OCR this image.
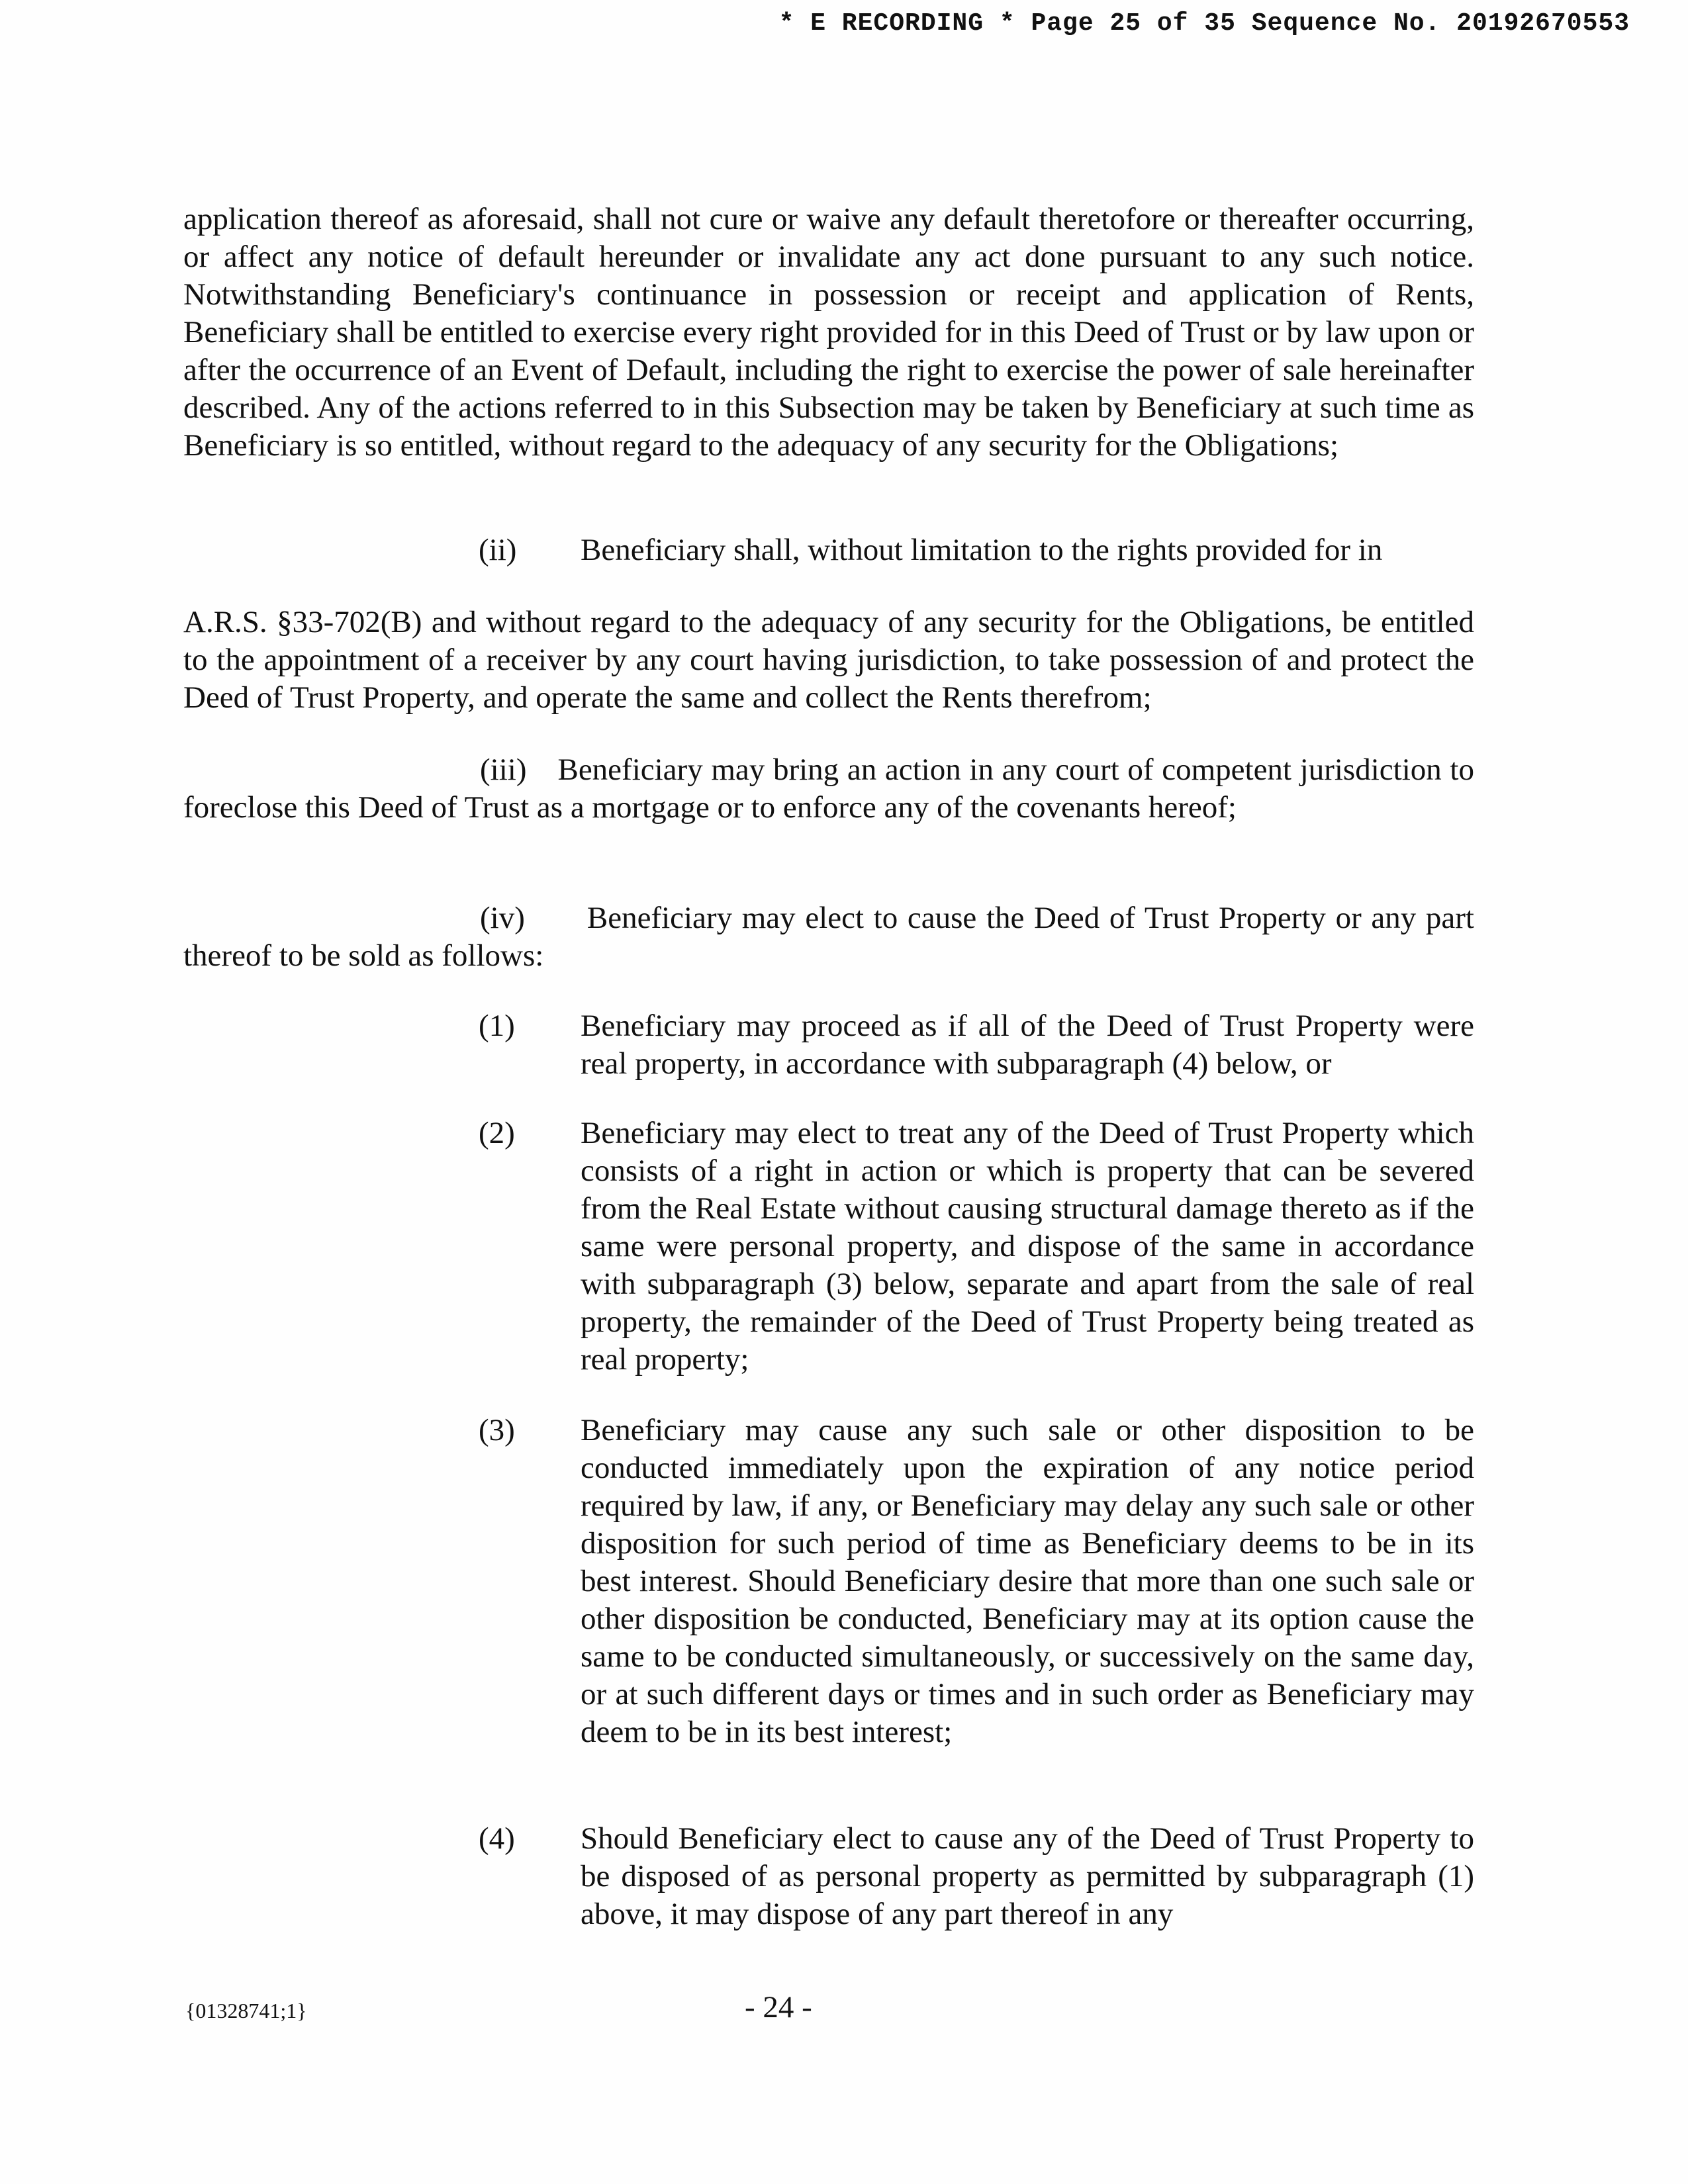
* E RECORDING * Page 25 of 35 Sequence No. 20192670553

application thereof as aforesaid, shall not cure or waive any default theretofore or thereafter occurring, or affect any notice of default hereunder or invalidate any act done pursuant to any such notice. Notwithstanding Beneficiary's continuance in possession or receipt and application of Rents, Beneficiary shall be entitled to exercise every right provided for in this Deed of Trust or by law upon or after the occurrence of an Event of Default, including the right to exercise the power of sale hereinafter described. Any of the actions referred to in this Subsection may be taken by Beneficiary at such time as Beneficiary is so entitled, without regard to the adequacy of any security for the Obligations;

(ii) Beneficiary shall, without limitation to the rights provided for in

A.R.S. §33-702(B) and without regard to the adequacy of any security for the Obligations, be entitled to the appointment of a receiver by any court having jurisdiction, to take possession of and protect the Deed of Trust Property, and operate the same and collect the Rents therefrom;

(iii) Beneficiary may bring an action in any court of competent jurisdiction to foreclose this Deed of Trust as a mortgage or to enforce any of the covenants hereof;

(iv)  Beneficiary may elect to cause the Deed of Trust Property or any part thereof to be sold as follows:

(1) Beneficiary may proceed as if all of the Deed of Trust Property were real property, in accordance with subparagraph (4) below, or

(2) Beneficiary may elect to treat any of the Deed of Trust Property which consists of a right in action or which is property that can be severed from the Real Estate without causing structural damage thereto as if the same were personal property, and dispose of the same in accordance with subparagraph (3) below, separate and apart from the sale of real property, the remainder of the Deed of Trust Property being treated as real property;

(3) Beneficiary may cause any such sale or other disposition to be conducted immediately upon the expiration of any notice period required by law, if any, or Beneficiary may delay any such sale or other disposition for such period of time as Beneficiary deems to be in its best interest. Should Beneficiary desire that more than one such sale or other disposition be conducted, Beneficiary may at its option cause the same to be conducted simultaneously, or successively on the same day, or at such different days or times and in such order as Beneficiary may deem to be in its best interest;

(4) Should Beneficiary elect to cause any of the Deed of Trust Property to be disposed of as personal property as permitted by subparagraph (1) above, it may dispose of any part thereof in any

{01328741;1}	- 24 -
